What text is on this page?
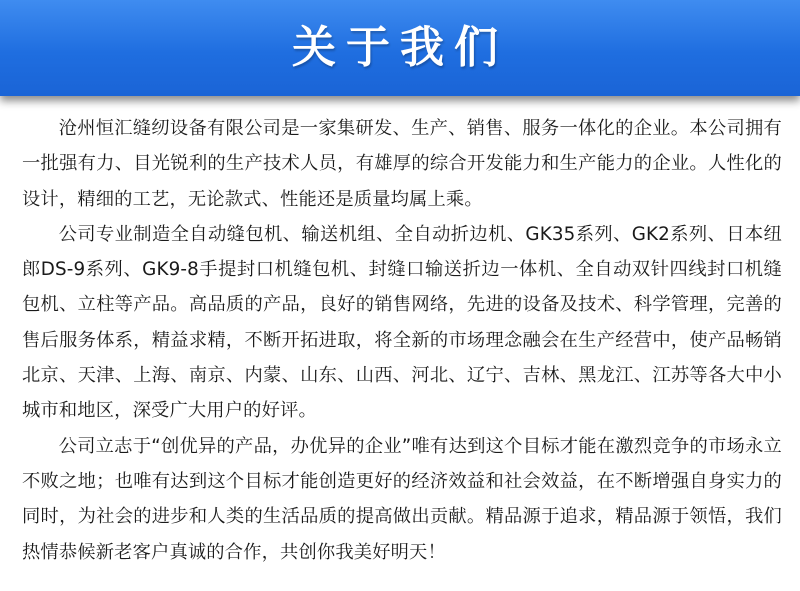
关于我们

沧州恒汇缝纫设备有限公司是一家集研发、生产、销售、服务一体化的企业。本公司拥有一批强有力、目光锐利的生产技术人员，有雄厚的综合开发能力和生产能力的企业。人性化的设计，精细的工艺，无论款式、性能还是质量均属上乘。

公司专业制造全自动缝包机、输送机组、全自动折边机、GK35系列、GK2系列、日本纽郎DS-9系列、GK9-8手提封口机缝包机、封缝口输送折边一体机、全自动双针四线封口机缝包机、立柱等产品。高品质的产品，良好的销售网络，先进的设备及技术、科学管理，完善的售后服务体系，精益求精，不断开拓进取，将全新的市场理念融会在生产经营中，使产品畅销北京、天津、上海、南京、内蒙、山东、山西、河北、辽宁、吉林、黑龙江、江苏等各大中小城市和地区，深受广大用户的好评。

公司立志于“创优异的产品，办优异的企业”唯有达到这个目标才能在激烈竞争的市场永立不败之地；也唯有达到这个目标才能创造更好的经济效益和社会效益，在不断增强自身实力的同时，为社会的进步和人类的生活品质的提高做出贡献。精品源于追求，精品源于领悟，我们热情恭候新老客户真诚的合作，共创你我美好明天！
